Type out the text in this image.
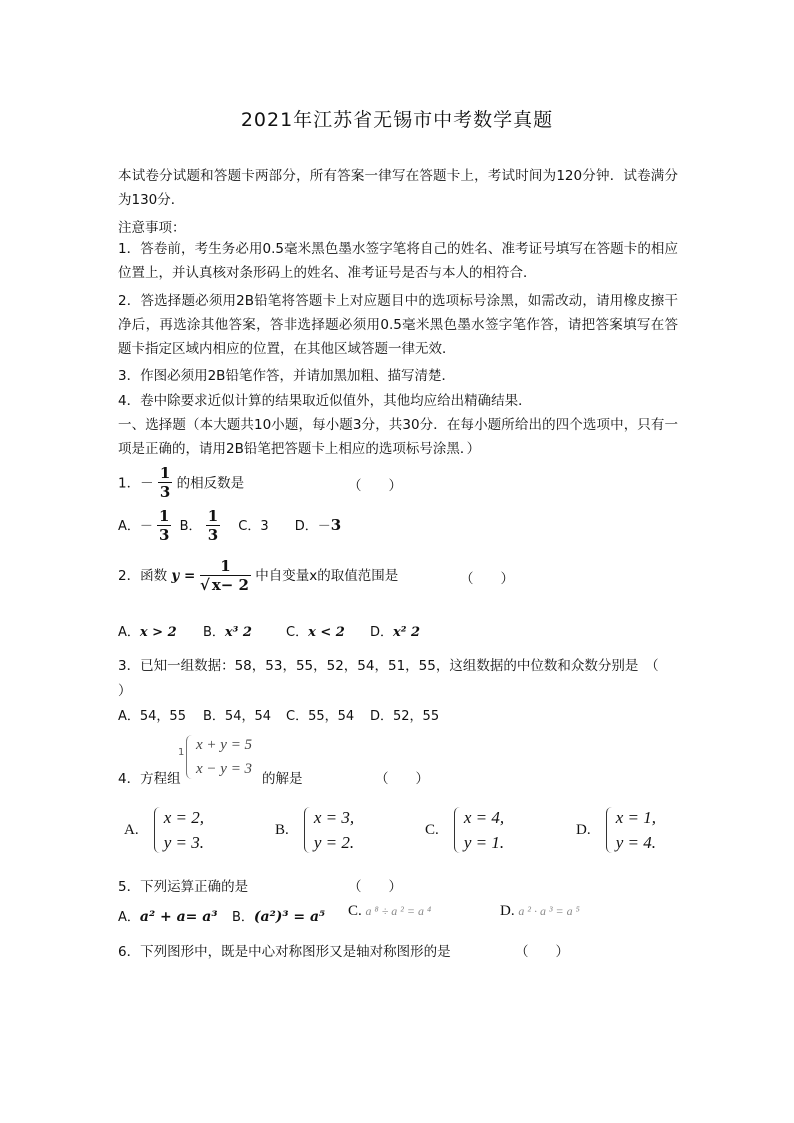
2021年江苏省无锡市中考数学真题
本试卷分试题和答题卡两部分，所有答案一律写在答题卡上，考试时间为120分钟．试卷满分为130分．
注意事项：
1．答卷前，考生务必用0.5毫米黑色墨水签字笔将自己的姓名、准考证号填写在答题卡的相应位置上，并认真核对条形码上的姓名、准考证号是否与本人的相符合．
2．答选择题必须用2B铅笔将答题卡上对应题目中的选项标号涂黑，如需改动，请用橡皮擦干净后，再选涂其他答案，答非选择题必须用0.5毫米黑色墨水签字笔作答，请把答案填写在答题卡指定区域内相应的位置，在其他区域答题一律无效．
3．作图必须用2B铅笔作答，并请加黑加粗、描写清楚．
4．卷中除要求近似计算的结果取近似值外，其他均应给出精确结果．
一、选择题（本大题共10小题，每小题3分，共30分．在每小题所给出的四个选项中，只有一项是正确的，请用2B铅笔把答题卡上相应的选项标号涂黑．）
1．－ $\frac{1}{3}$ 的相反数是	（　　）
A．－ $\frac{1}{3}$ B． $\frac{1}{3}$ C．3 D．－3
2．函数 $y = \frac{1}{√ x- 2}$ 中自变量x的取值范围是	（　　）
A．x > 2 B．x³ 2	C．x < 2 D．x² 2
3．已知一组数据：58，53，55，52，54，51，55，这组数据的中位数和众数分别是　（
）
A．54，55 B．54，54 C．55，54 D．52，55
4．方程组
1 x + y = 5
x − y = 3
的解是	（　　）
A.
x = 2,
y = 3.
B.
x = 3,
y = 2.
C.
x = 4,
y = 1.
D.
x = 1,
y = 4.
5．下列运算正确的是	（　　）
A．a² + a= a³ B．(a²)³ = a⁵ C. a ⁸ ÷ a ² = a ⁴	D. a ² · a ³ = a ⁵
6．下列图形中，既是中心对称图形又是轴对称图形的是	（　　）
